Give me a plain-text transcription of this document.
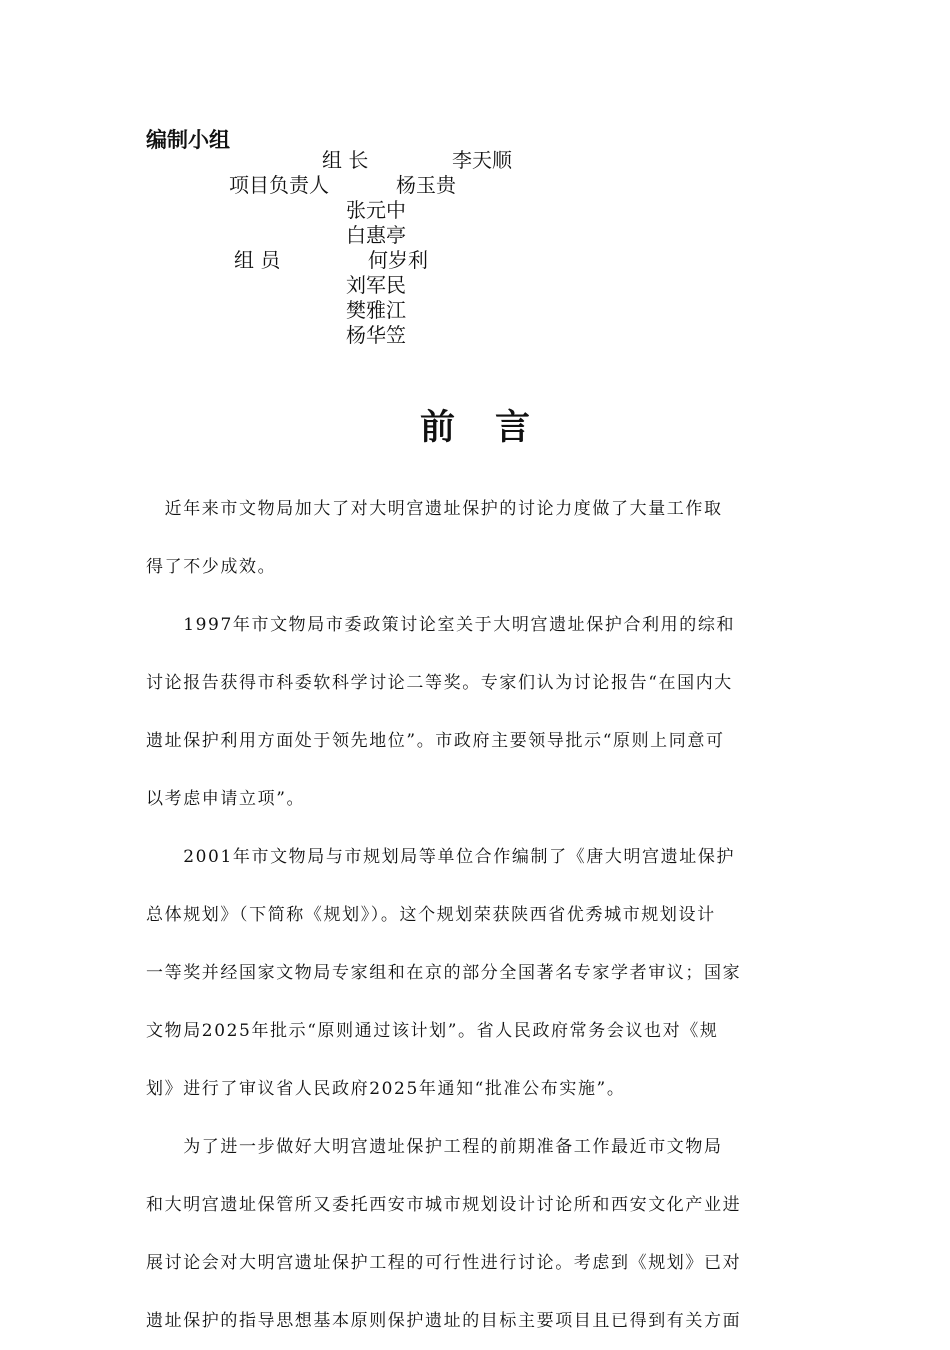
编制小组
组 长	李天顺
项目负责人	杨玉贵
张元中
白惠亭
组 员	何岁利
刘军民
樊雅江
杨华笠
前 言
　近年来市文物局加大了对大明宫遗址保护的讨论力度做了大量工作取
得了不少成效。
　　1997年市文物局市委政策讨论室关于大明宫遗址保护合利用的综和
讨论报告获得市科委软科学讨论二等奖。专家们认为讨论报告“在国内大
遗址保护利用方面处于领先地位”。市政府主要领导批示“原则上同意可
以考虑申请立项”。
　　2001年市文物局与市规划局等单位合作编制了《唐大明宫遗址保护
总体规划》（下简称《规划》）。这个规划荣获陕西省优秀城市规划设计
一等奖并经国家文物局专家组和在京的部分全国著名专家学者审议；国家
文物局2025年批示“原则通过该计划”。省人民政府常务会议也对《规
划》进行了审议省人民政府2025年通知“批准公布实施”。
　　为了进一步做好大明宫遗址保护工程的前期准备工作最近市文物局
和大明宫遗址保管所又委托西安市城市规划设计讨论所和西安文化产业进
展讨论会对大明宫遗址保护工程的可行性进行讨论。考虑到《规划》已对
遗址保护的指导思想基本原则保护遗址的目标主要项目且已得到有关方面
